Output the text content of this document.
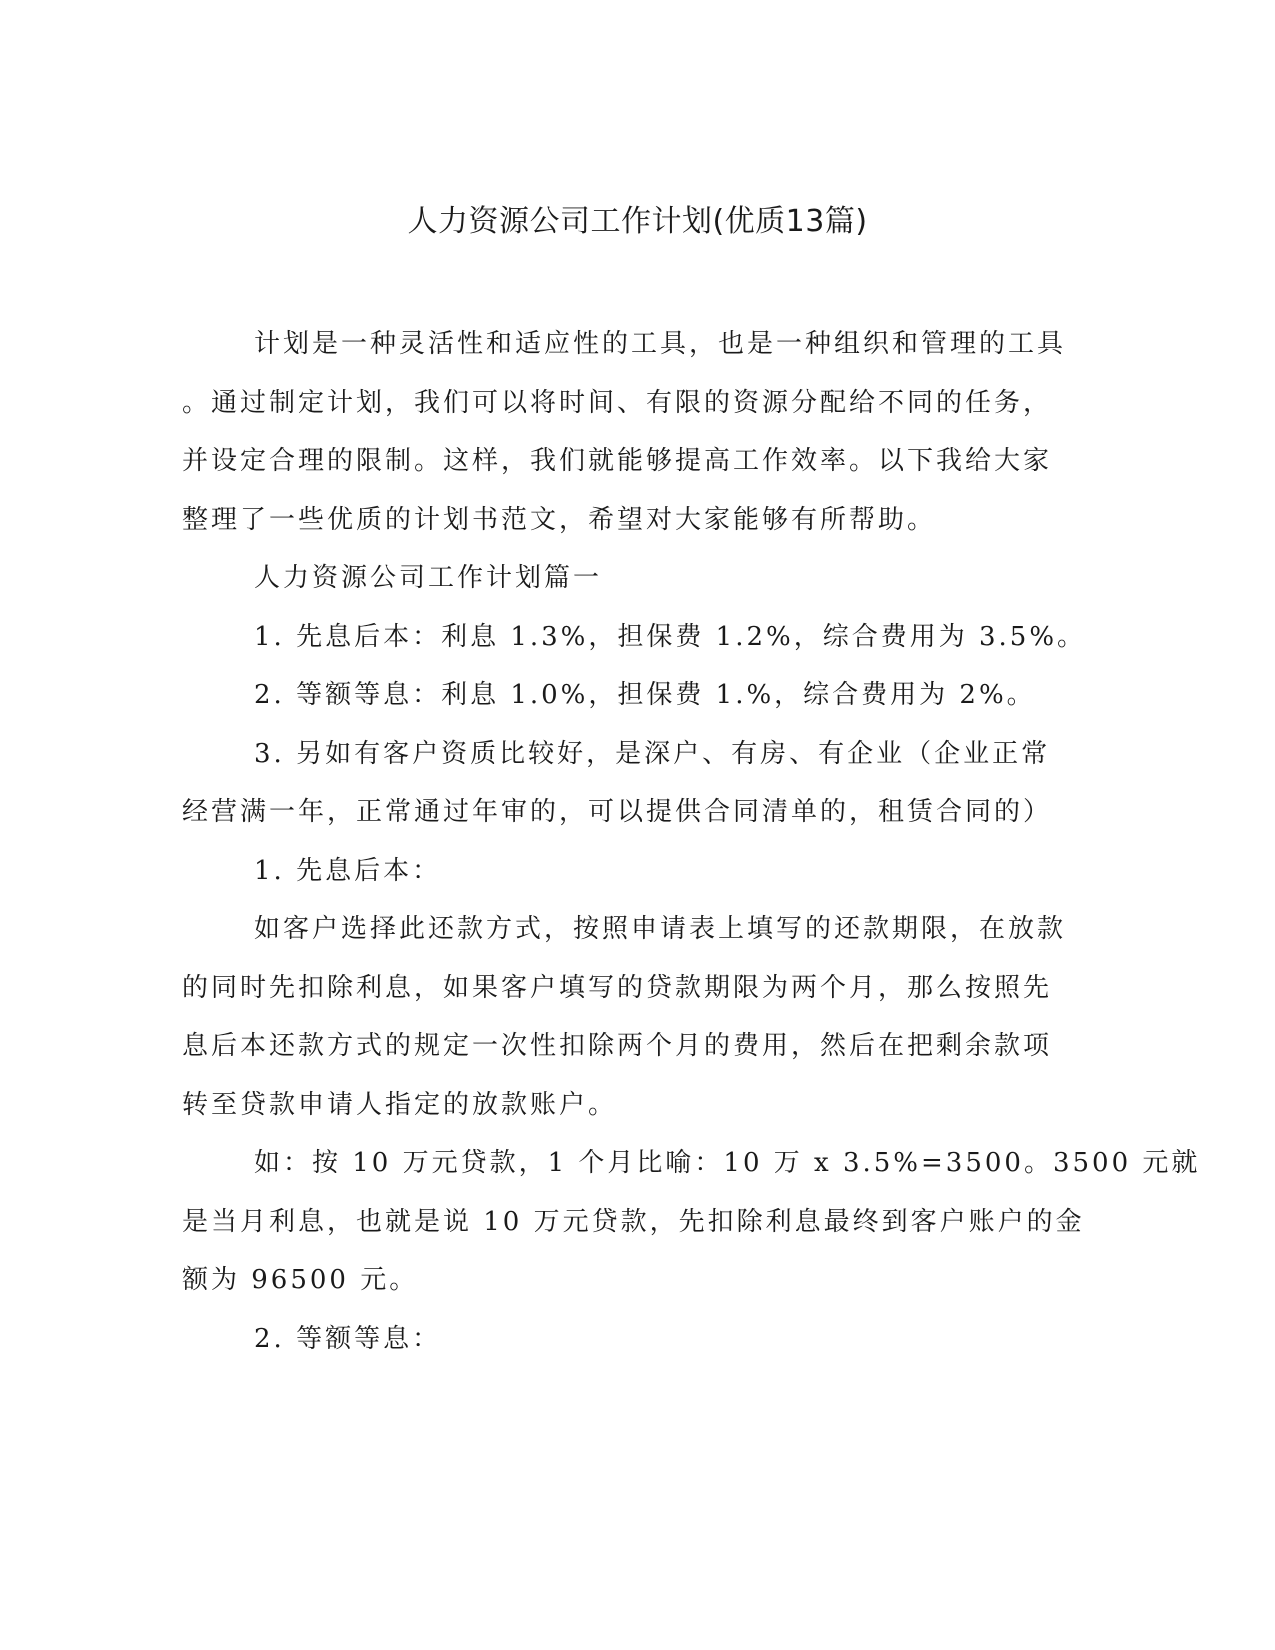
人力资源公司工作计划(优质13篇)
计划是一种灵活性和适应性的工具，也是一种组织和管理的工具
。通过制定计划，我们可以将时间、有限的资源分配给不同的任务，
并设定合理的限制。这样，我们就能够提高工作效率。以下我给大家
整理了一些优质的计划书范文，希望对大家能够有所帮助。
人力资源公司工作计划篇一
1. 先息后本：利息 1.3%，担保费 1.2%，综合费用为 3.5%。
2. 等额等息：利息 1.0%，担保费 1.%，综合费用为 2%。
3. 另如有客户资质比较好，是深户、有房、有企业（企业正常
经营满一年，正常通过年审的，可以提供合同清单的，租赁合同的）
1. 先息后本：
如客户选择此还款方式，按照申请表上填写的还款期限，在放款
的同时先扣除利息，如果客户填写的贷款期限为两个月，那么按照先
息后本还款方式的规定一次性扣除两个月的费用，然后在把剩余款项
转至贷款申请人指定的放款账户。
如：按 10 万元贷款，1 个月比喻：10 万 x 3.5%=3500。3500 元就
是当月利息，也就是说 10 万元贷款，先扣除利息最终到客户账户的金
额为 96500 元。
2. 等额等息：
